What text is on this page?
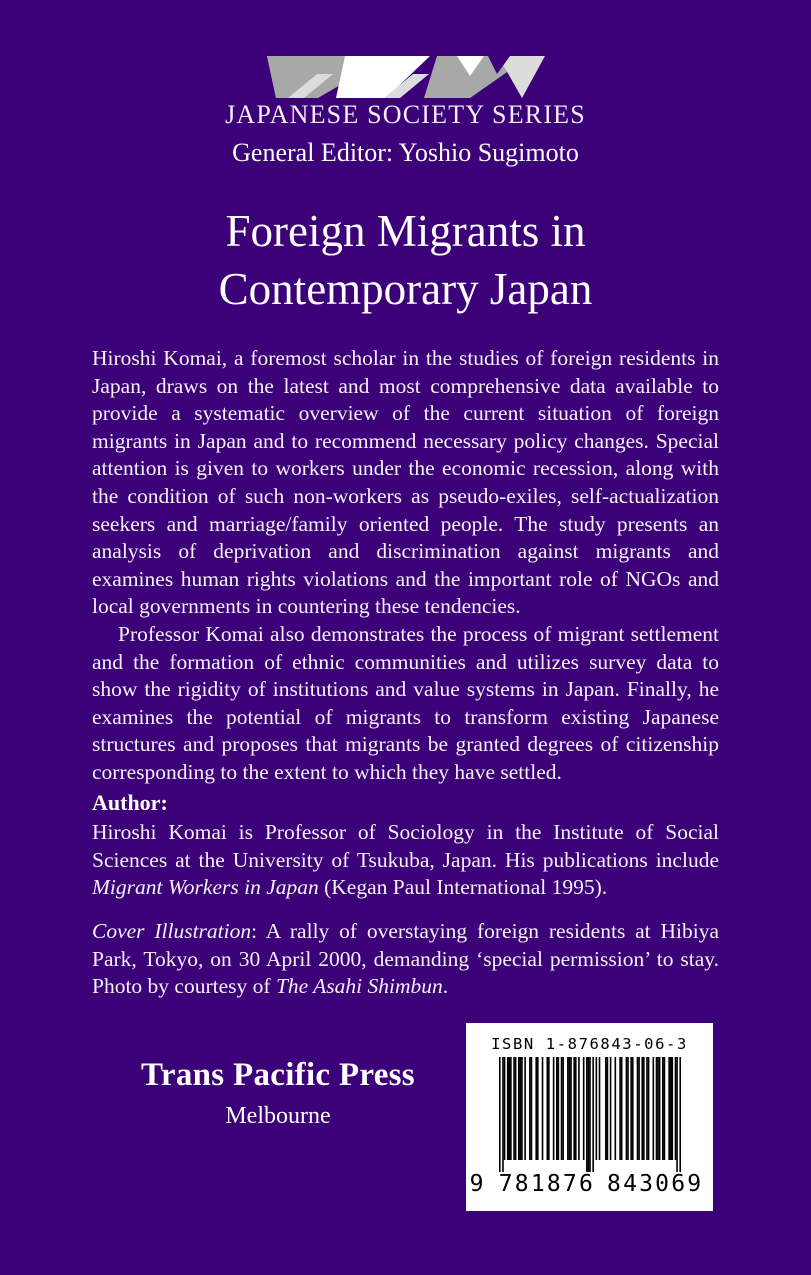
JAPANESE SOCIETY SERIES
General Editor: Yoshio Sugimoto
Foreign Migrants in
Contemporary Japan

Hiroshi Komai, a foremost scholar in the studies of foreign residents in Japan, draws on the latest and most comprehensive data available to provide a systematic overview of the current situation of foreign migrants in Japan and to recommend necessary policy changes. Special attention is given to workers under the economic recession, along with the condition of such non-workers as pseudo-exiles, self-actualization seekers and marriage/family oriented people. The study presents an analysis of deprivation and discrimination against migrants and examines human rights violations and the important role of NGOs and local governments in countering these tendencies.

Professor Komai also demonstrates the process of migrant settlement and the formation of ethnic communities and utilizes survey data to show the rigidity of institutions and value systems in Japan. Finally, he examines the potential of migrants to transform existing Japanese structures and proposes that migrants be granted degrees of citizenship corresponding to the extent to which they have settled.

Author:
Hiroshi Komai is Professor of Sociology in the Institute of Social Sciences at the University of Tsukuba, Japan. His publications include Migrant Workers in Japan (Kegan Paul International 1995).
Cover Illustration: A rally of overstaying foreign residents at Hibiya Park, Tokyo, on 30 April 2000, demanding ‘special permission’ to stay. Photo by courtesy of The Asahi Shimbun.
Trans Pacific Press
Melbourne
ISBN 1-876843-06-3
9 781876 843069
